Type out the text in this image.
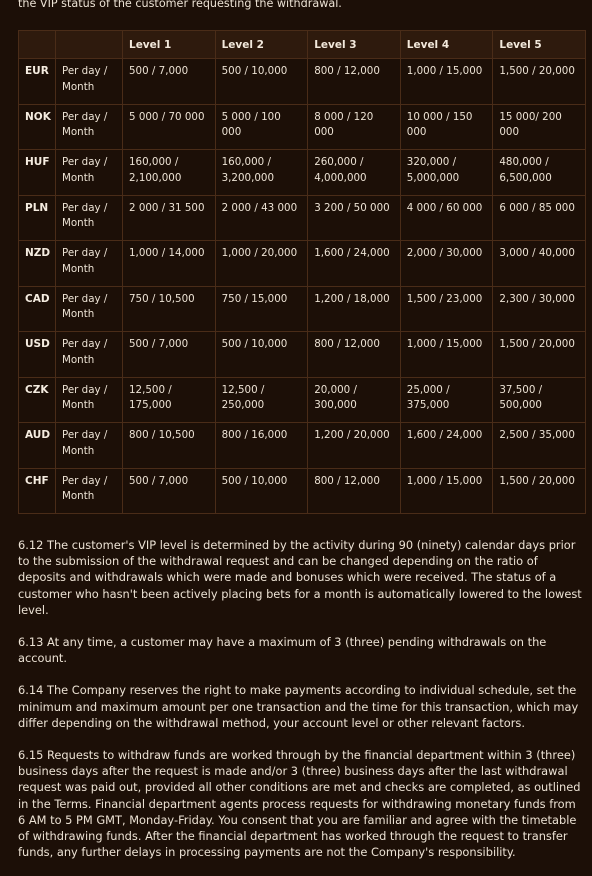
the VIP status of the customer requesting the withdrawal.
		Level 1	Level 2	Level 3	Level 4	Level 5
EUR	Per day / Month	500 / 7,000	500 / 10,000	800 / 12,000	1,000 / 15,000	1,500 / 20,000
NOK	Per day / Month	5 000 / 70 000	5 000 / 100 000	8 000 / 120 000	10 000 / 150 000	15 000/ 200 000
HUF	Per day / Month	160,000 / 2,100,000	160,000 / 3,200,000	260,000 / 4,000,000	320,000 / 5,000,000	480,000 / 6,500,000
PLN	Per day / Month	2 000 / 31 500	2 000 / 43 000	3 200 / 50 000	4 000 / 60 000	6 000 / 85 000
NZD	Per day / Month	1,000 / 14,000	1,000 / 20,000	1,600 / 24,000	2,000 / 30,000	3,000 / 40,000
CAD	Per day / Month	750 / 10,500	750 / 15,000	1,200 / 18,000	1,500 / 23,000	2,300 / 30,000
USD	Per day / Month	500 / 7,000	500 / 10,000	800 / 12,000	1,000 / 15,000	1,500 / 20,000
CZK	Per day / Month	12,500 / 175,000	12,500 / 250,000	20,000 / 300,000	25,000 / 375,000	37,500 / 500,000
AUD	Per day / Month	800 / 10,500	800 / 16,000	1,200 / 20,000	1,600 / 24,000	2,500 / 35,000
CHF	Per day / Month	500 / 7,000	500 / 10,000	800 / 12,000	1,000 / 15,000	1,500 / 20,000

6.12 The customer's VIP level is determined by the activity during 90 (ninety) calendar days prior to the submission of the withdrawal request and can be changed depending on the ratio of deposits and withdrawals which were made and bonuses which were received. The status of a customer who hasn't been actively placing bets for a month is automatically lowered to the lowest level.

6.13 At any time, a customer may have a maximum of 3 (three) pending withdrawals on the account.

6.14 The Company reserves the right to make payments according to individual schedule, set the minimum and maximum amount per one transaction and the time for this transaction, which may differ depending on the withdrawal method, your account level or other relevant factors.

6.15 Requests to withdraw funds are worked through by the financial department within 3 (three) business days after the request is made and/or 3 (three) business days after the last withdrawal request was paid out, provided all other conditions are met and checks are completed, as outlined in the Terms. Financial department agents process requests for withdrawing monetary funds from 6 AM to 5 PM GMT, Monday-Friday. You consent that you are familiar and agree with the timetable of withdrawing funds. After the financial department has worked through the request to transfer funds, any further delays in processing payments are not the Company's responsibility.
